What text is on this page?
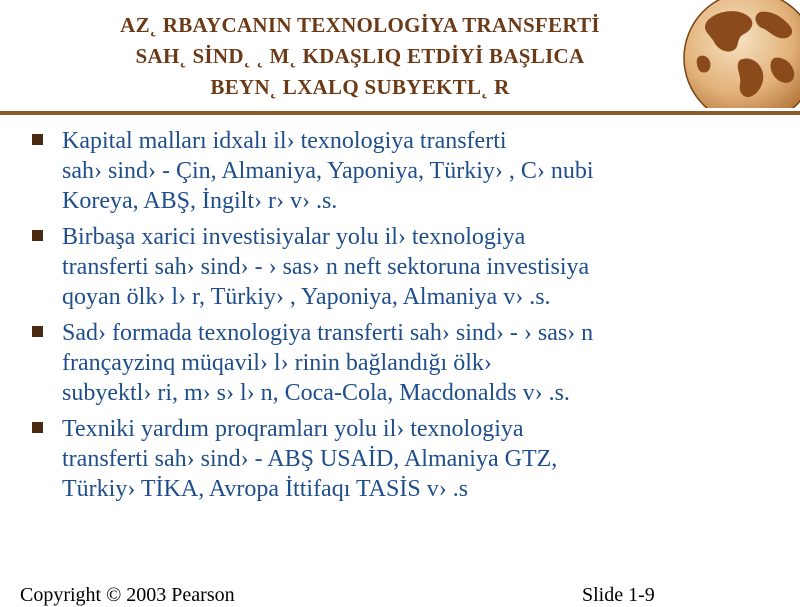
AZ˛ RBAYCANIN TEXNOLOGİYA TRANSFERTİ
SAH˛ SİND˛ ˛ M˛ KDAŞLIQ ETDİYİ BAŞLICA
BEYN˛ LXALQ SUBYEKTL˛ R
Kapital malları idxalı il› texnologiya transferti
sah› sind› - Çin, Almaniya, Yaponiya, Türkiy› , C› nubi
Koreya, ABŞ, İngilt› r› v› .s.
Birbaşa xarici investisiyalar yolu il› texnologiya
transferti sah› sind› - › sas› n neft sektoruna investisiya
qoyan ölk› l› r, Türkiy› , Yaponiya, Almaniya v› .s.
Sad› formada texnologiya transferti sah› sind› - › sas› n
françayzinq müqavil› l› rinin bağlandığı ölk›
subyektl› ri, m› s› l› n, Coca-Cola, Macdonalds v› .s.
Texniki yardım proqramları yolu il› texnologiya
transferti sah› sind› - ABŞ USAİD, Almaniya GTZ,
Türkiy› TİKA, Avropa İttifaqı TASİS v› .s
Copyright © 2003 Pearson	Slide 1-9
